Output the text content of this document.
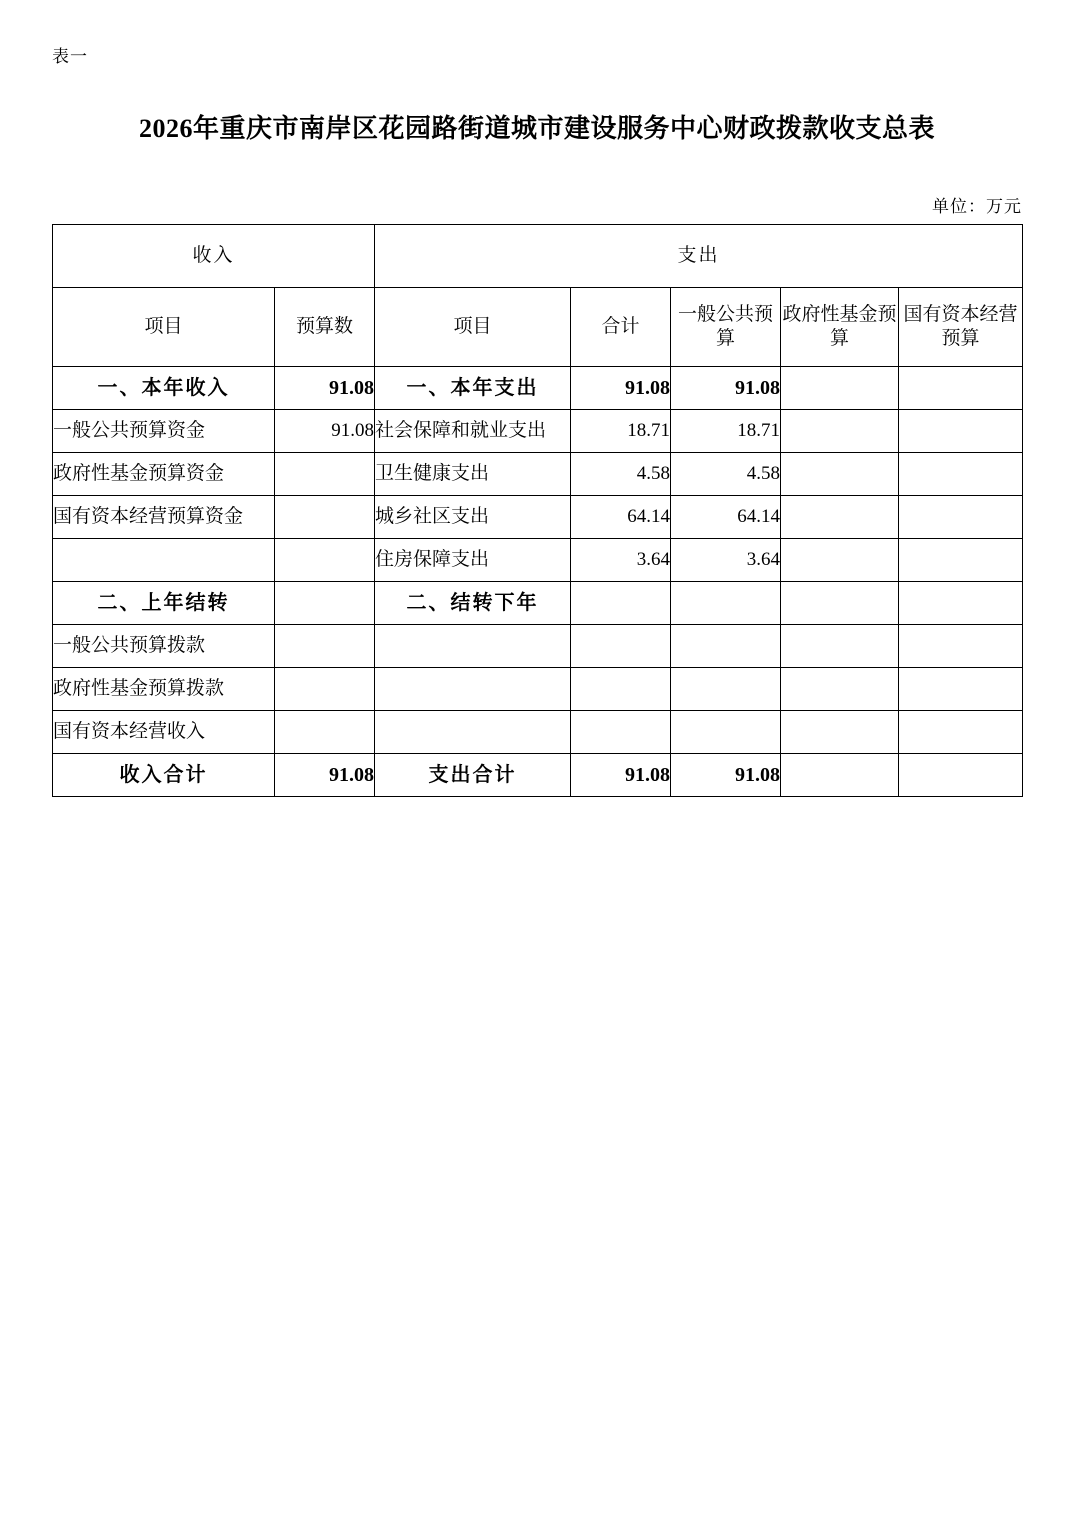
表一
2026年重庆市南岸区花园路街道城市建设服务中心财政拨款收支总表
单位：万元
收入		支出				
项目	预算数	项目	合计	一般公共预算	政府性基金预算	国有资本经营预算
一、本年收入	91.08	一、本年支出	91.08	91.08		
一般公共预算资金	91.08	社会保障和就业支出	18.71	18.71		
政府性基金预算资金		卫生健康支出	4.58	4.58		
国有资本经营预算资金		城乡社区支出	64.14	64.14		
		住房保障支出	3.64	3.64		
二、上年结转		二、结转下年				
一般公共预算拨款						
政府性基金预算拨款						
国有资本经营收入						
收入合计	91.08	支出合计	91.08	91.08		
